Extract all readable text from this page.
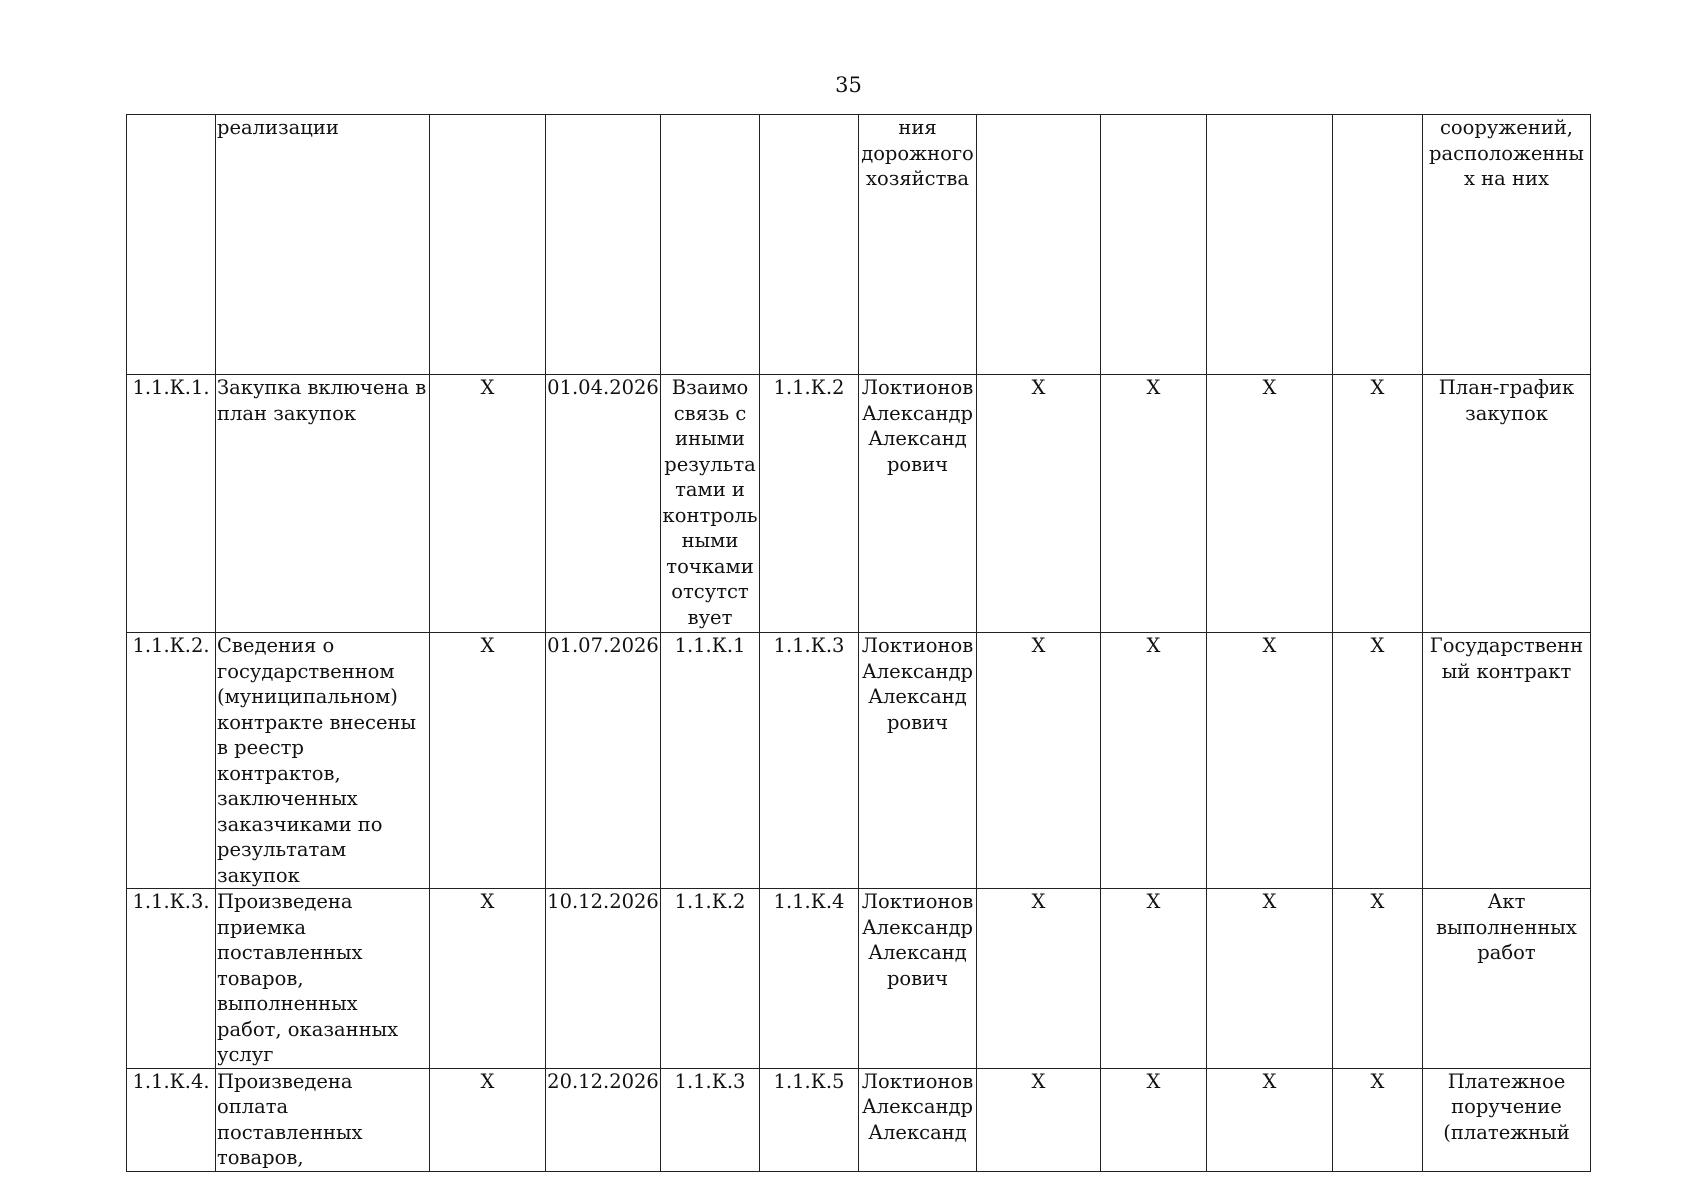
35
	реализации					ния дорожного хозяйства					сооружений, расположенных на них
1.1.К.1.	Закупка включена в план закупок	X	01.04.2026	Взаимо связь с иными результа тами и контроль ными точками отсутст вует	1.1.К.2	Локтионов Александр Александ рович	X	X	X	X	План-график закупок
1.1.К.2.	Сведения о государственном (муниципальном) контракте внесены в реестр контрактов, заключенных заказчиками по результатам закупок	X	01.07.2026	1.1.К.1	1.1.К.3	Локтионов Александр Александ рович	X	X	X	X	Государственный контракт
1.1.К.3.	Произведена приемка поставленных товаров, выполненных работ, оказанных услуг	X	10.12.2026	1.1.К.2	1.1.К.4	Локтионов Александр Александ рович	X	X	X	X	Акт выполненных работ
1.1.К.4.	Произведена оплата поставленных товаров,	X	20.12.2026	1.1.К.3	1.1.К.5	Локтионов Александр Александ	X	X	X	X	Платежное поручение (платежный
